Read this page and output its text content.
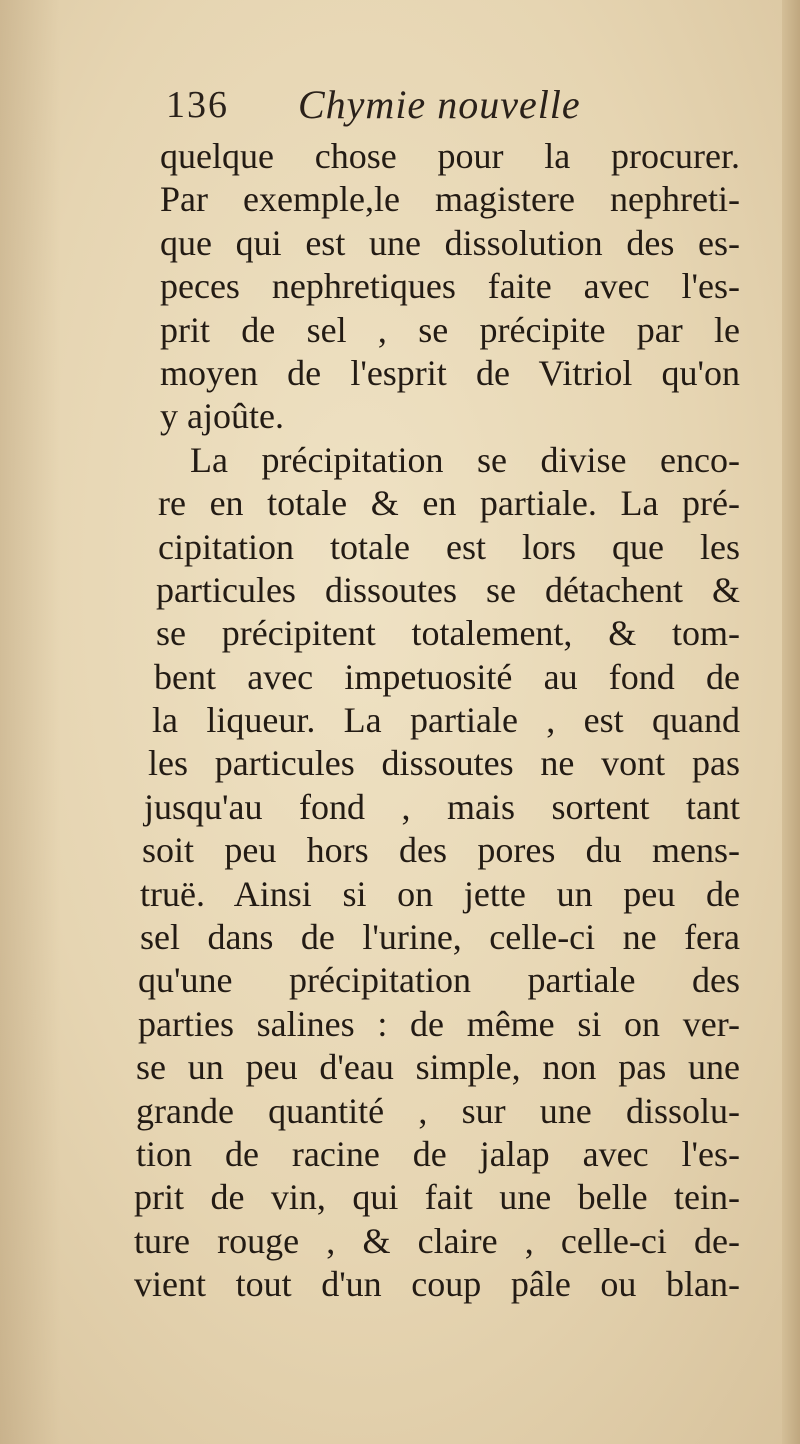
136 Chymie nouvelle
quelque chose pour la procurer.
Par exemple,le magistere nephreti-
que qui est une dissolution des es-
peces nephretiques faite avec l'es-
prit de sel , se précipite par le
moyen de l'esprit de Vitriol qu'on
y ajoûte.
La précipitation se divise enco-
re en totale & en partiale. La pré-
cipitation totale est lors que les
particules dissoutes se détachent &
se précipitent totalement, & tom-
bent avec impetuosité au fond de
la liqueur. La partiale , est quand
les particules dissoutes ne vont pas
jusqu'au fond , mais sortent tant
soit peu hors des pores du mens-
truë. Ainsi si on jette un peu de
sel dans de l'urine, celle-ci ne fera
qu'une précipitation partiale des
parties salines : de même si on ver-
se un peu d'eau simple, non pas une
grande quantité , sur une dissolu-
tion de racine de jalap avec l'es-
prit de vin, qui fait une belle tein-
ture rouge , & claire , celle-ci de-
vient tout d'un coup pâle ou blan-
